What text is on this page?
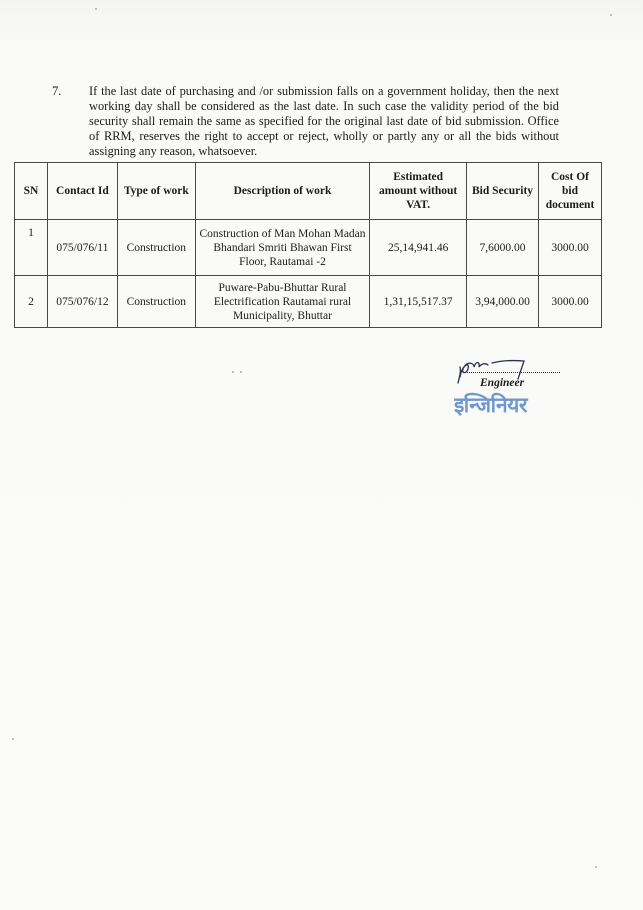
7. If the last date of purchasing and /or submission falls on a government holiday, then the next working day shall be considered as the last date. In such case the validity period of the bid security shall remain the same as specified for the original last date of bid submission. Office of RRM, reserves the right to accept or reject, wholly or partly any or all the bids without assigning any reason, whatsoever.
SN	Contact Id	Type of work	Description of work	Estimated amount without VAT.	Bid Security	Cost Of bid document
1	075/076/11	Construction	Construction of Man Mohan Madan Bhandari Smriti Bhawan First Floor, Rautamai -2	25,14,941.46	7,6000.00	3000.00
2	075/076/12	Construction	Puware-Pabu-Bhuttar Rural Electrification Rautamai rural Municipality, Bhuttar	1,31,15,517.37	3,94,000.00	3000.00
Engineer
इन्जिनियर
